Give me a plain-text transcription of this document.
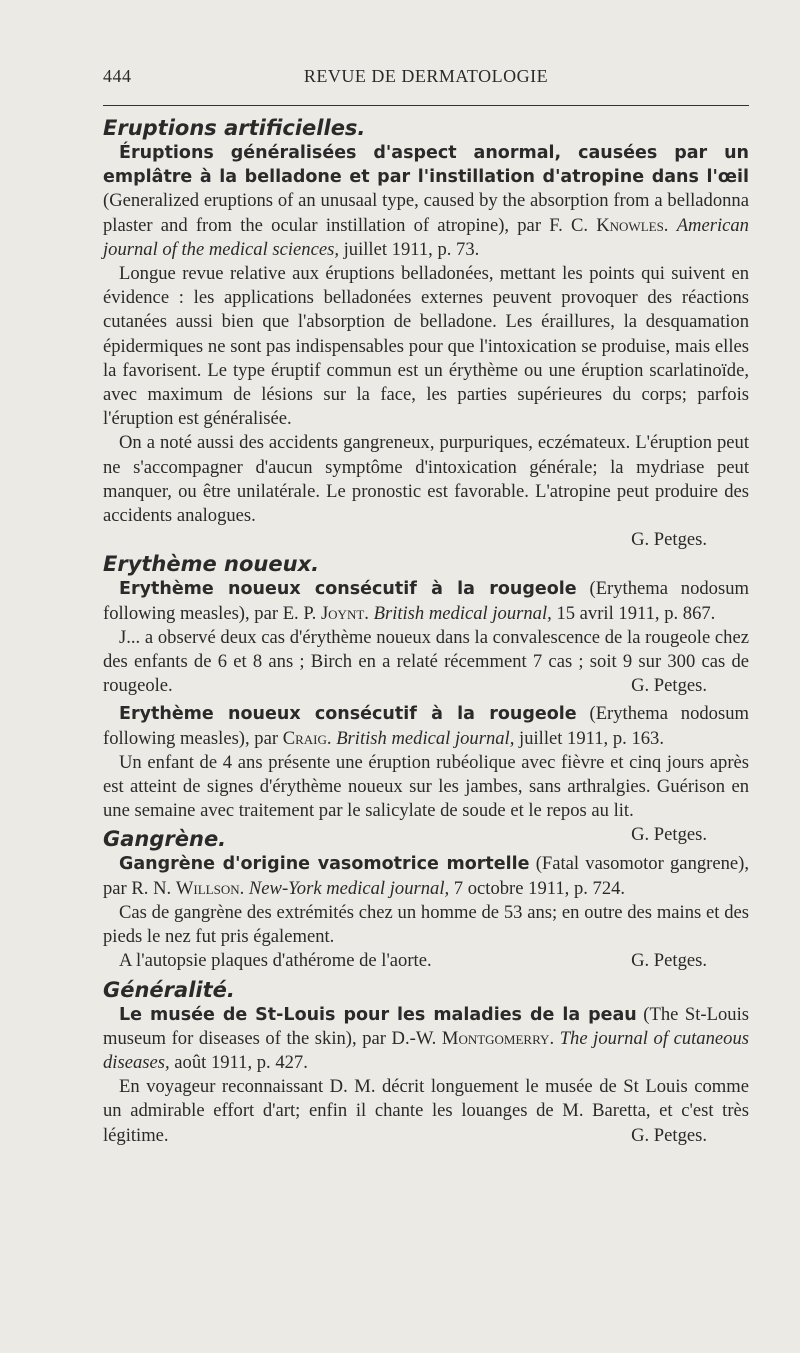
444	REVUE DE DERMATOLOGIE
Eruptions artificielles.

Éruptions généralisées d'aspect anormal, causées par un emplâtre à la belladone et par l'instillation d'atropine dans l'œil (Generalized eruptions of an unusaal type, caused by the absorption from a belladonna plaster and from the ocular instillation of atropine), par F. C. Knowles. American journal of the medical sciences, juillet 1911, p. 73.

Longue revue relative aux éruptions belladonées, mettant les points qui suivent en évidence : les applications belladonées externes peuvent provoquer des réactions cutanées aussi bien que l'absorption de belladone. Les éraillures, la desquamation épidermiques ne sont pas indispensables pour que l'intoxication se produise, mais elles la favorisent. Le type éruptif commun est un érythème ou une éruption scarlatinoïde, avec maximum de lésions sur la face, les parties supérieures du corps; parfois l'éruption est généralisée.

On a noté aussi des accidents gangreneux, purpuriques, eczémateux. L'éruption peut ne s'accompagner d'aucun symptôme d'intoxication générale; la mydriase peut manquer, ou être unilatérale. Le pronostic est favorable. L'atropine peut produire des accidents analogues.

G. Petges.
Erythème noueux.

Erythème noueux consécutif à la rougeole (Erythema nodosum following measles), par E. P. Joynt. British medical journal, 15 avril 1911, p. 867.

J... a observé deux cas d'érythème noueux dans la convalescence de la rougeole chez des enfants de 6 et 8 ans ; Birch en a relaté récemment 7 cas ; soit 9 sur 300 cas de rougeole.	G. Petges.

Erythème noueux consécutif à la rougeole (Erythema nodosum following measles), par Craig. British medical journal, juillet 1911, p. 163.

Un enfant de 4 ans présente une éruption rubéolique avec fièvre et cinq jours après est atteint de signes d'érythème noueux sur les jambes, sans arthralgies. Guérison en une semaine avec traitement par le salicylate de soude et le repos au lit.
G. Petges.

Gangrène.

Gangrène d'origine vasomotrice mortelle (Fatal vasomotor gangrene), par R. N. Willson. New-York medical journal, 7 octobre 1911, p. 724.

Cas de gangrène des extrémités chez un homme de 53 ans; en outre des mains et des pieds le nez fut pris également.

A l'autopsie plaques d'athérome de l'aorte.	G. Petges.

Généralité.

Le musée de St-Louis pour les maladies de la peau (The St-Louis museum for diseases of the skin), par D.-W. Montgomerry. The journal of cutaneous diseases, août 1911, p. 427.

En voyageur reconnaissant D. M. décrit longuement le musée de St Louis comme un admirable effort d'art; enfin il chante les louanges de M. Baretta, et c'est très légitime.	G. Petges.
